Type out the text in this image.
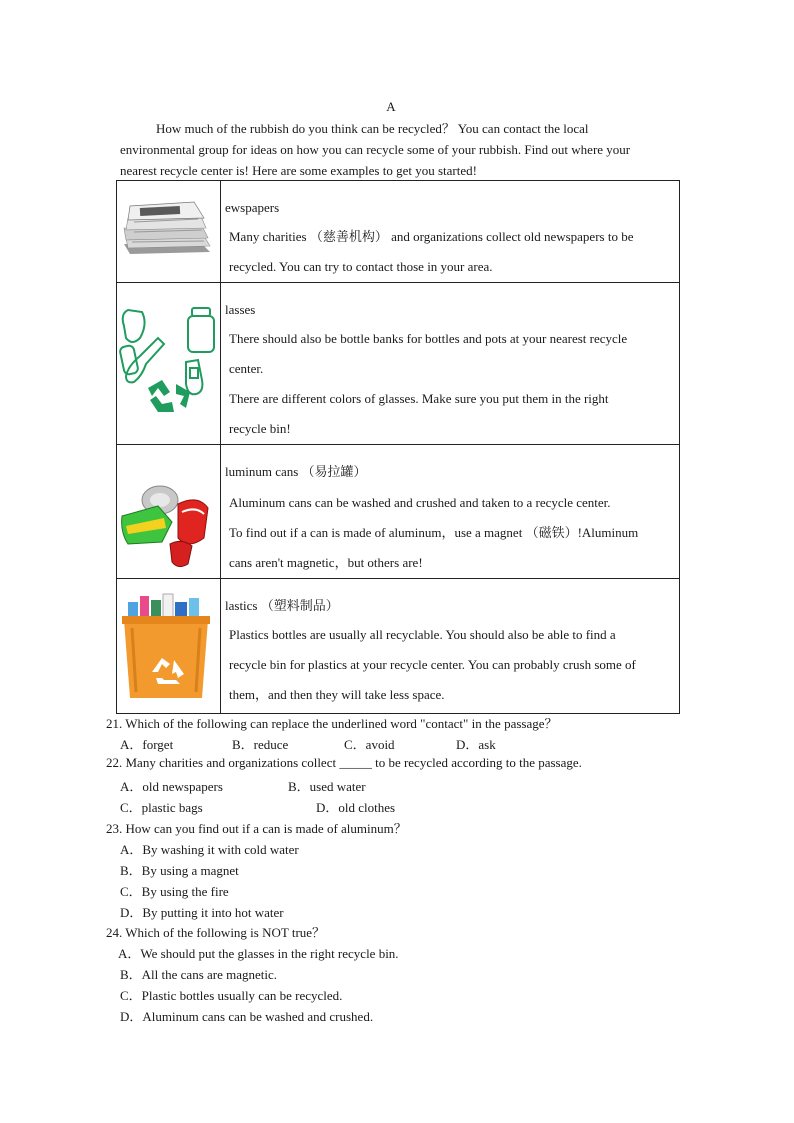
A

How much of the rubbish do you think can be recycled？ You can contact the local

environmental group for ideas on how you can recycle some of your rubbish. Find out where your

nearest recycle center is! Here are some examples to get you started!

ewspapers
Many charities （慈善机构） and organizations collect old newspapers to be
recycled. You can try to contact those in your area.

lasses
There should also be bottle banks for bottles and pots at your nearest recycle
center.
There are different colors of glasses. Make sure you put them in the right
recycle bin!

luminum cans （易拉罐）
Aluminum cans can be washed and crushed and taken to a recycle center.
To find out if a can is made of aluminum，use a magnet （磁铁）!Aluminum
cans aren't magnetic，but others are!

lastics （塑料制品）
Plastics bottles are usually all recyclable. You should also be able to find a
recycle bin for plastics at your recycle center. You can probably crush some of
them，and then they will take less space.
21. Which of the following can replace the underlined word "contact" in the passage？
A．forget	B．reduce	C．avoid	D．ask
22. Many charities and organizations collect _____ to be recycled according to the passage.
A．old newspapers	B．used water
C．plastic bags	D．old clothes
23. How can you find out if a can is made of aluminum？
A．By washing it with cold water
B．By using a magnet
C．By using the fire
D．By putting it into hot water
24. Which of the following is NOT true？
A．We should put the glasses in the right recycle bin.
B．All the cans are magnetic.
C．Plastic bottles usually can be recycled.
D．Aluminum cans can be washed and crushed.
